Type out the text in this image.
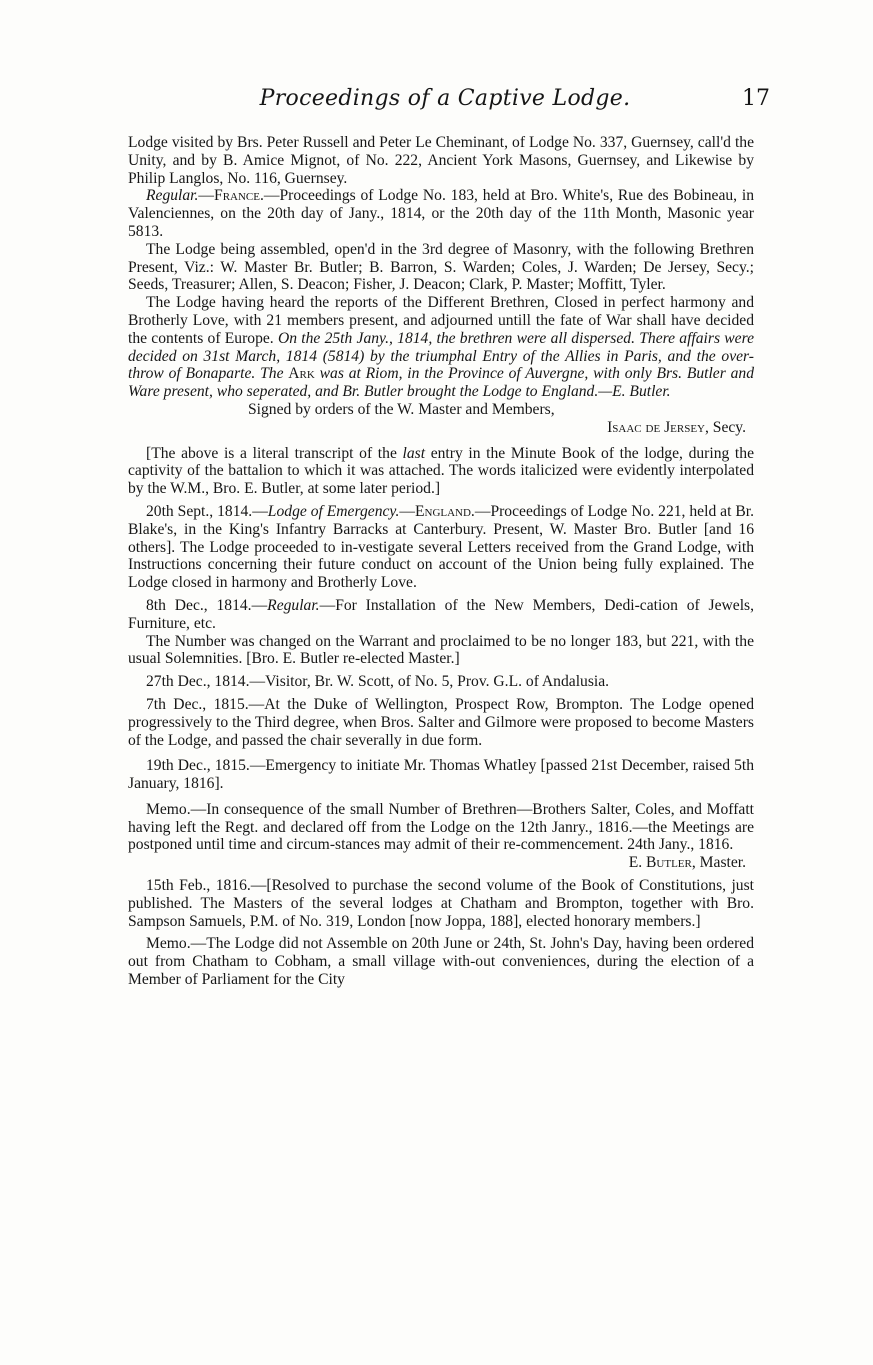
Proceedings of a Captive Lodge.	17

Lodge visited by Brs. Peter Russell and Peter Le Cheminant, of Lodge No. 337, Guernsey, call'd the Unity, and by B. Amice Mignot, of No. 222, Ancient York Masons, Guernsey, and Likewise by Philip Langlos, No. 116, Guernsey.

Regular.—France.—Proceedings of Lodge No. 183, held at Bro. White's, Rue des Bobineau, in Valenciennes, on the 20th day of Jany., 1814, or the 20th day of the 11th Month, Masonic year 5813.

The Lodge being assembled, open'd in the 3rd degree of Masonry, with the following Brethren Present, Viz.: W. Master Br. Butler; B. Barron, S. Warden; Coles, J. Warden; De Jersey, Secy.; Seeds, Treasurer; Allen, S. Deacon; Fisher, J. Deacon; Clark, P. Master; Moffitt, Tyler.

The Lodge having heard the reports of the Different Brethren, Closed in perfect harmony and Brotherly Love, with 21 members present, and adjourned untill the fate of War shall have decided the contents of Europe. On the 25th Jany., 1814, the brethren were all dispersed. There affairs were decided on 31st March, 1814 (5814) by the triumphal Entry of the Allies in Paris, and the over-throw of Bonaparte. The Ark was at Riom, in the Province of Auvergne, with only Brs. Butler and Ware present, who seperated, and Br. Butler brought the Lodge to England.—E. Butler.

Signed by orders of the W. Master and Members,

Isaac de Jersey, Secy.

[The above is a literal transcript of the last entry in the Minute Book of the lodge, during the captivity of the battalion to which it was attached. The words italicized were evidently interpolated by the W.M., Bro. E. Butler, at some later period.]

20th Sept., 1814.—Lodge of Emergency.—England.—Proceedings of Lodge No. 221, held at Br. Blake's, in the King's Infantry Barracks at Canterbury. Present, W. Master Bro. Butler [and 16 others]. The Lodge proceeded to in-vestigate several Letters received from the Grand Lodge, with Instructions concerning their future conduct on account of the Union being fully explained. The Lodge closed in harmony and Brotherly Love.

8th Dec., 1814.—Regular.—For Installation of the New Members, Dedi-cation of Jewels, Furniture, etc.

The Number was changed on the Warrant and proclaimed to be no longer 183, but 221, with the usual Solemnities. [Bro. E. Butler re-elected Master.]

27th Dec., 1814.—Visitor, Br. W. Scott, of No. 5, Prov. G.L. of Andalusia.

7th Dec., 1815.—At the Duke of Wellington, Prospect Row, Brompton. The Lodge opened progressively to the Third degree, when Bros. Salter and Gilmore were proposed to become Masters of the Lodge, and passed the chair severally in due form.

19th Dec., 1815.—Emergency to initiate Mr. Thomas Whatley [passed 21st December, raised 5th January, 1816].

Memo.—In consequence of the small Number of Brethren—Brothers Salter, Coles, and Moffatt having left the Regt. and declared off from the Lodge on the 12th Janry., 1816.—the Meetings are postponed until time and circum-stances may admit of their re-commencement. 24th Jany., 1816.

E. Butler, Master.

15th Feb., 1816.—[Resolved to purchase the second volume of the Book of Constitutions, just published. The Masters of the several lodges at Chatham and Brompton, together with Bro. Sampson Samuels, P.M. of No. 319, London [now Joppa, 188], elected honorary members.]

Memo.—The Lodge did not Assemble on 20th June or 24th, St. John's Day, having been ordered out from Chatham to Cobham, a small village with-out conveniences, during the election of a Member of Parliament for the City
